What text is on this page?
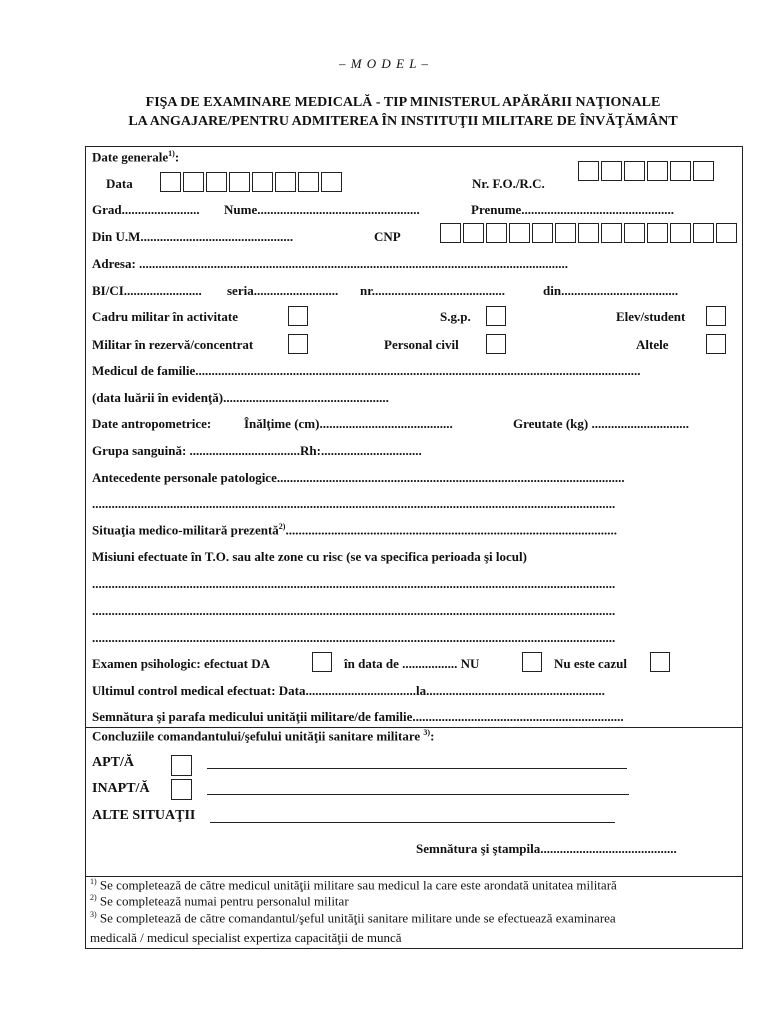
– M O D E L –
FIŞA DE EXAMINARE MEDICALĂ - TIP MINISTERUL APĂRĂRII NAŢIONALE
LA ANGAJARE/PENTRU ADMITEREA ÎN INSTITUŢII MILITARE DE ÎNVĂŢĂMÂNT
Date generale$^{1)}$:
Data	Nr. F.O./R.C.
Grad........................ Nume..................................................	Prenume...............................................
Din U.M...............................................	CNP
Adresa: ....................................................................................................................................
BI/CI........................ seria.......................... nr.........................................	din....................................
Cadru militar în activitate	S.g.p.	Elev/student
Militar în rezervă/concentrat	Personal civil	Altele
Medicul de familie.........................................................................................................................................
(data luării în evidenţă)...................................................
Date antropometrice:	Înălţime (cm).........................................	Greutate (kg) ..............................
Grupa sanguină: ..................................Rh:...............................
Antecedente personale patologice...........................................................................................................
.................................................................................................................................................................
Situaţia medico-militară prezentă$^{2)}$......................................................................................................
Misiuni efectuate în T.O. sau alte zone cu risc (se va specifica perioada şi locul)
.................................................................................................................................................................
.................................................................................................................................................................
.................................................................................................................................................................
Examen psihologic: efectuat DA	în data de ................. NU	Nu este cazul
Ultimul control medical efectuat: Data..................................la.......................................................
Semnătura şi parafa medicului unităţii militare/de familie.................................................................
Concluziile comandantului/şefului unităţii sanitare militare $^{3)}$:
APT/Ă
INAPT/Ă
ALTE SITUAŢII
Semnătura şi ştampila..........................................
$^{1)}$ Se completează de către medicul unităţii militare sau medicul la care este arondată unitatea militară
$^{2)}$ Se completează numai pentru personalul militar
$^{3)}$ Se completează de către comandantul/şeful unităţii sanitare militare unde se efectuează examinarea
medicală / medicul specialist expertiza capacităţii de muncă
